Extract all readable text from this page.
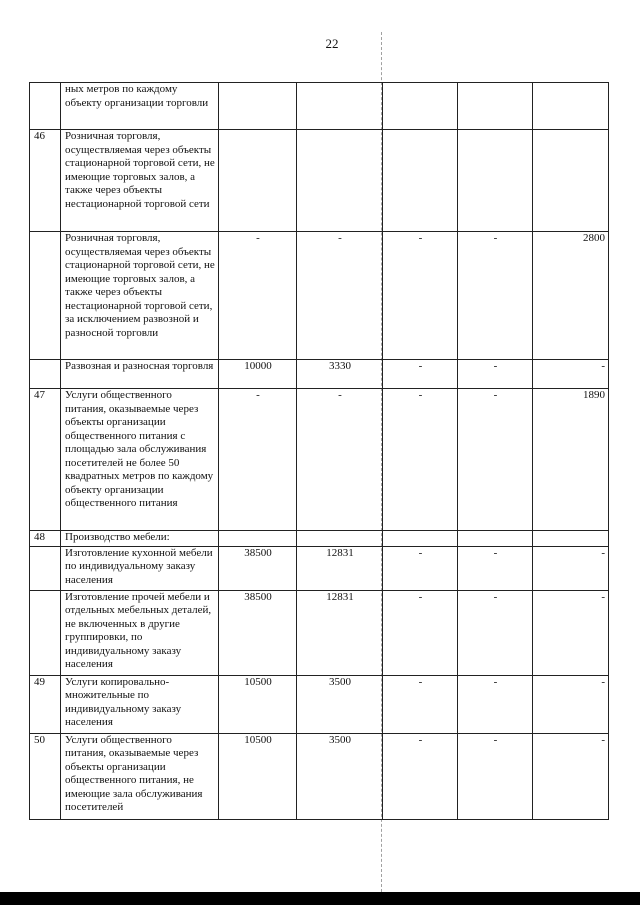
22
	ных метров по каждому объекту организации торговли					
46	Розничная торговля, осуществляемая через объекты стационарной торговой сети, не имеющие торговых залов, а также через объекты нестационарной торговой сети					
	Розничная торговля, осуществляемая через объекты стационарной торговой сети, не имеющие торговых залов, а также через объекты нестационарной торговой сети, за исключением развозной и разносной торговли	-	-	-	-	2800
	Развозная и разносная торговля	10000	3330	-	-	-
47	Услуги общественного питания, оказываемые через объекты организации общественного питания с площадью зала обслуживания посетителей не более 50 квадратных метров по каждому объекту организации общественного питания	-	-	-	-	1890
48	Производство мебели:					
	Изготовление кухонной мебели по индивидуальному заказу населения	38500	12831	-	-	-
	Изготовление прочей мебели и отдельных мебельных деталей, не включенных в другие группировки, по индивидуальному заказу населения	38500	12831	-	-	-
49	Услуги копировально-множительные по индивидуальному заказу населения	10500	3500	-	-	-
50	Услуги общественного питания, оказываемые через объекты организации общественного питания, не имеющие зала обслуживания посетителей	10500	3500	-	-	-
